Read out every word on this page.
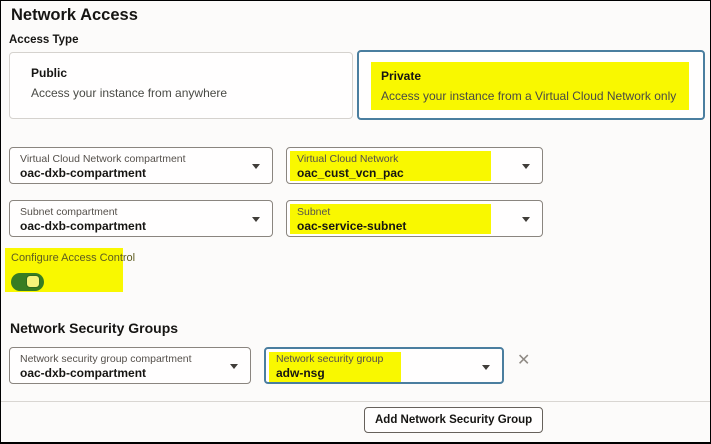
Network Access
Access Type
Public
Access your instance from anywhere
Private
Access your instance from a Virtual Cloud Network only
Virtual Cloud Network compartment
oac-dxb-compartment
Virtual Cloud Network
oac_cust_vcn_pac
Subnet compartment
oac-dxb-compartment
Subnet
oac-service-subnet
Configure Access Control
Network Security Groups
Network security group compartment
oac-dxb-compartment
Network security group
adw-nsg
✕
Add Network Security Group
